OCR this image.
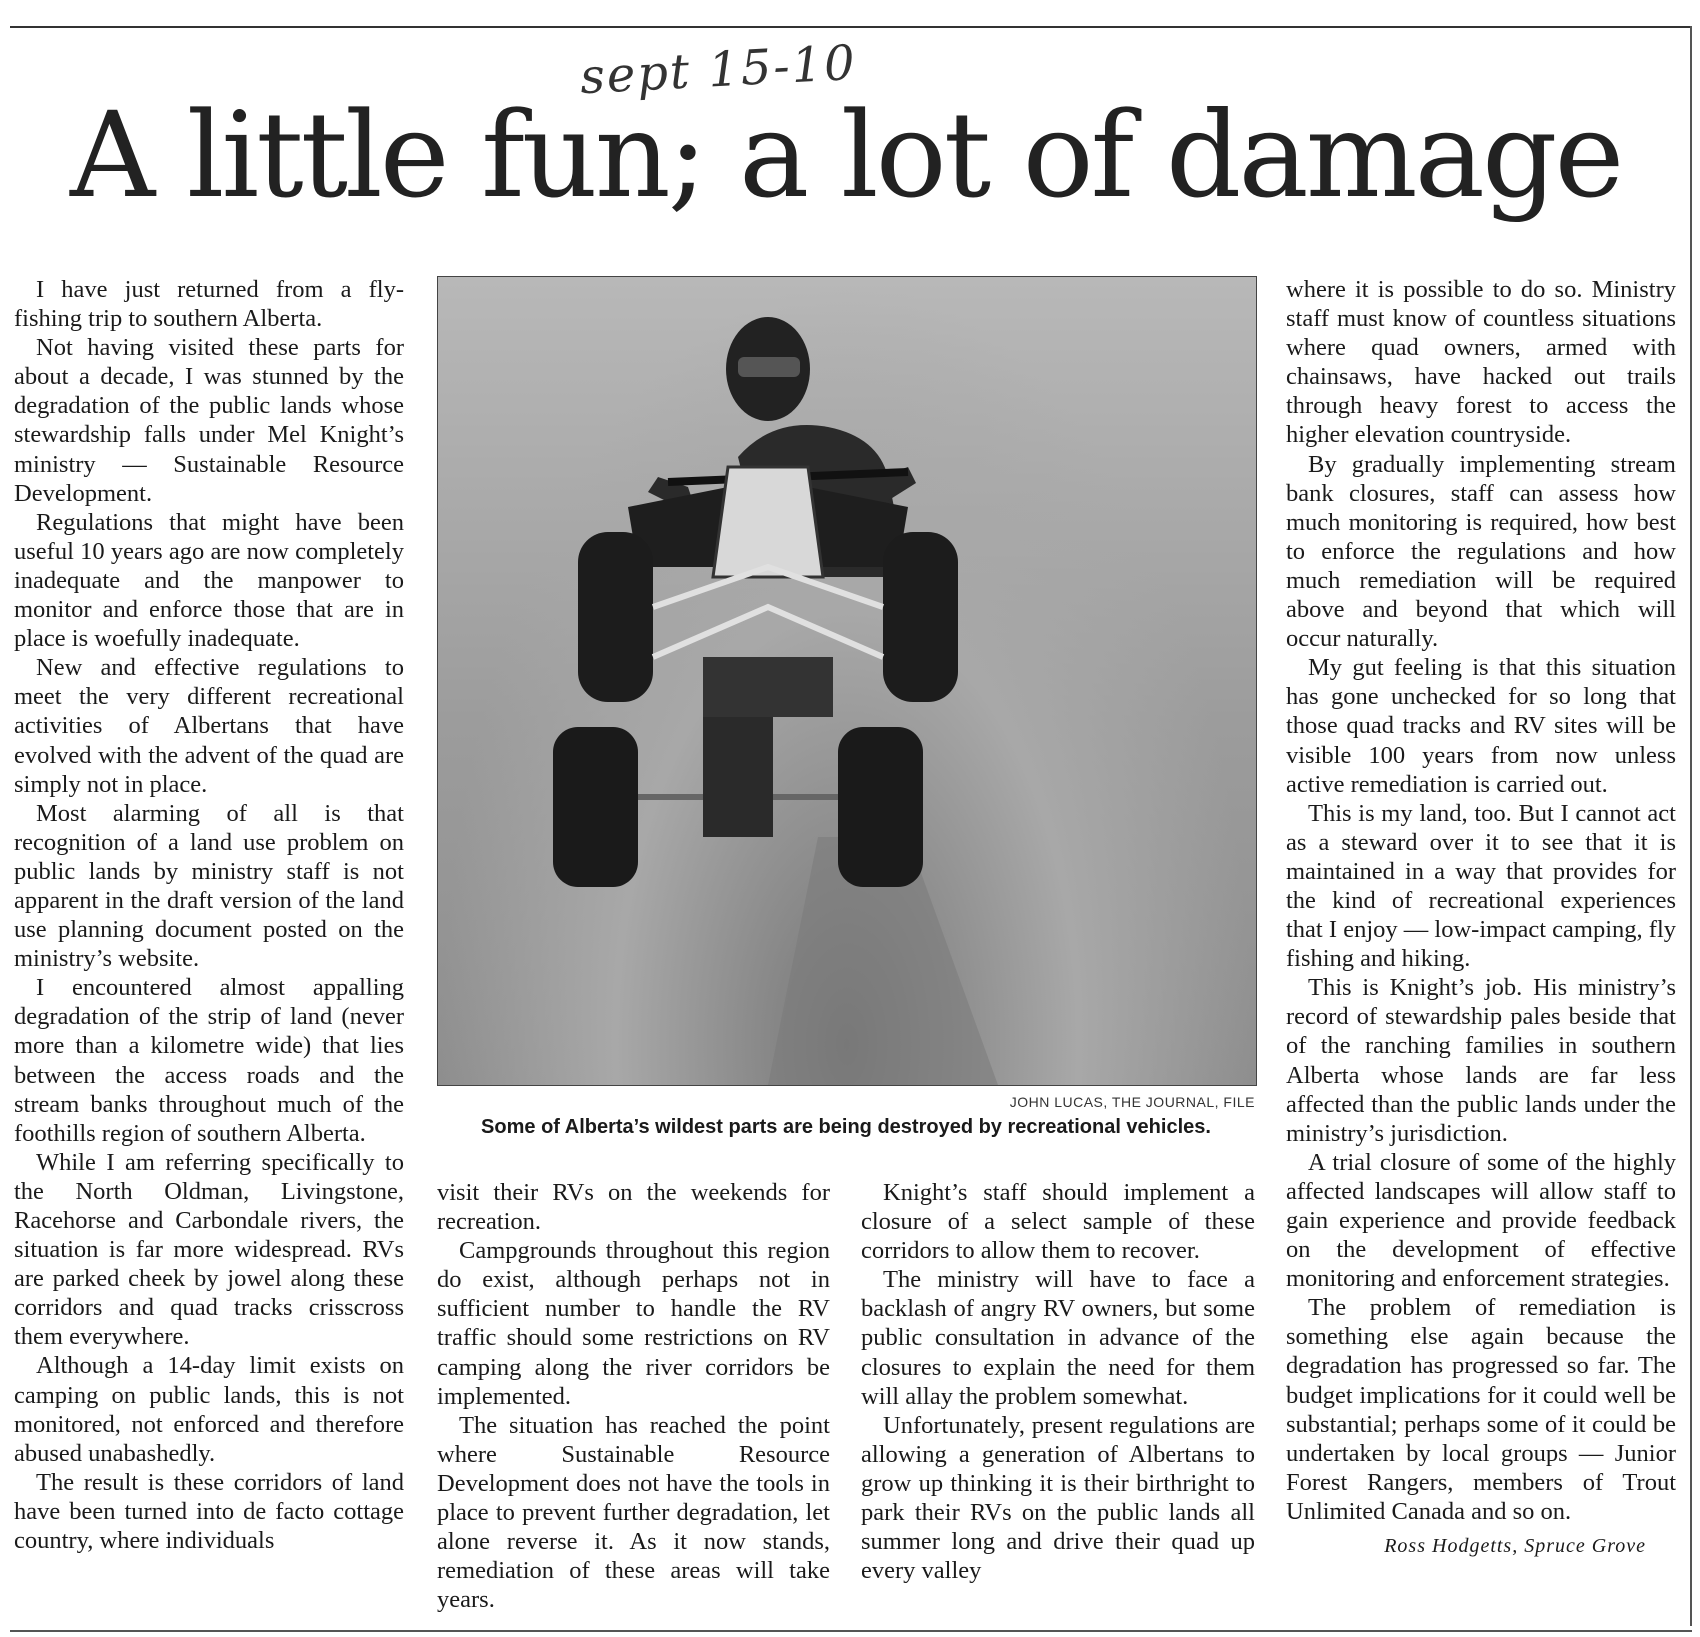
sept 15-10
A little fun; a lot of damage

I have just returned from a fly-fishing trip to southern Alberta.

Not having visited these parts for about a decade, I was stunned by the degradation of the public lands whose stewardship falls under Mel Knight’s ministry — Sustainable Resource Development.

Regulations that might have been useful 10 years ago are now completely inadequate and the manpower to monitor and enforce those that are in place is woefully inadequate.

New and effective regulations to meet the very different recreational activities of Albertans that have evolved with the advent of the quad are simply not in place.

Most alarming of all is that recognition of a land use problem on public lands by ministry staff is not apparent in the draft version of the land use planning document posted on the ministry’s website.

I encountered almost appalling degradation of the strip of land (never more than a kilometre wide) that lies between the access roads and the stream banks throughout much of the foothills region of southern Alberta.

While I am referring specifically to the North Oldman, Livingstone, Racehorse and Carbondale rivers, the situation is far more widespread. RVs are parked cheek by jowel along these corridors and quad tracks crisscross them everywhere.

Although a 14-day limit exists on camping on public lands, this is not monitored, not enforced and therefore abused unabashedly.

The result is these corridors of land have been turned into de facto cottage country, where individuals

JOHN LUCAS, THE JOURNAL, FILE
Some of Alberta’s wildest parts are being destroyed by recreational vehicles.

visit their RVs on the weekends for recreation.

Campgrounds throughout this region do exist, although perhaps not in sufficient number to handle the RV traffic should some restrictions on RV camping along the river corridors be implemented.

The situation has reached the point where Sustainable Resource Development does not have the tools in place to prevent further degradation, let alone reverse it. As it now stands, remediation of these areas will take years.

Knight’s staff should implement a closure of a select sample of these corridors to allow them to recover.

The ministry will have to face a backlash of angry RV owners, but some public consultation in advance of the closures to explain the need for them will allay the problem somewhat.

Unfortunately, present regulations are allowing a generation of Albertans to grow up thinking it is their birthright to park their RVs on the public lands all summer long and drive their quad up every valley

where it is possible to do so. Ministry staff must know of countless situations where quad owners, armed with chainsaws, have hacked out trails through heavy forest to access the higher elevation countryside.

By gradually implementing stream bank closures, staff can assess how much monitoring is required, how best to enforce the regulations and how much remediation will be required above and beyond that which will occur naturally.

My gut feeling is that this situation has gone unchecked for so long that those quad tracks and RV sites will be visible 100 years from now unless active remediation is carried out.

This is my land, too. But I cannot act as a steward over it to see that it is maintained in a way that provides for the kind of recreational experiences that I enjoy — low-impact camping, fly fishing and hiking.

This is Knight’s job. His ministry’s record of stewardship pales beside that of the ranching families in southern Alberta whose lands are far less affected than the public lands under the ministry’s jurisdiction.

A trial closure of some of the highly affected landscapes will allow staff to gain experience and provide feedback on the development of effective monitoring and enforcement strategies.

The problem of remediation is something else again because the degradation has progressed so far. The budget implications for it could well be substantial; perhaps some of it could be undertaken by local groups — Junior Forest Rangers, members of Trout Unlimited Canada and so on.

Ross Hodgetts, Spruce Grove
